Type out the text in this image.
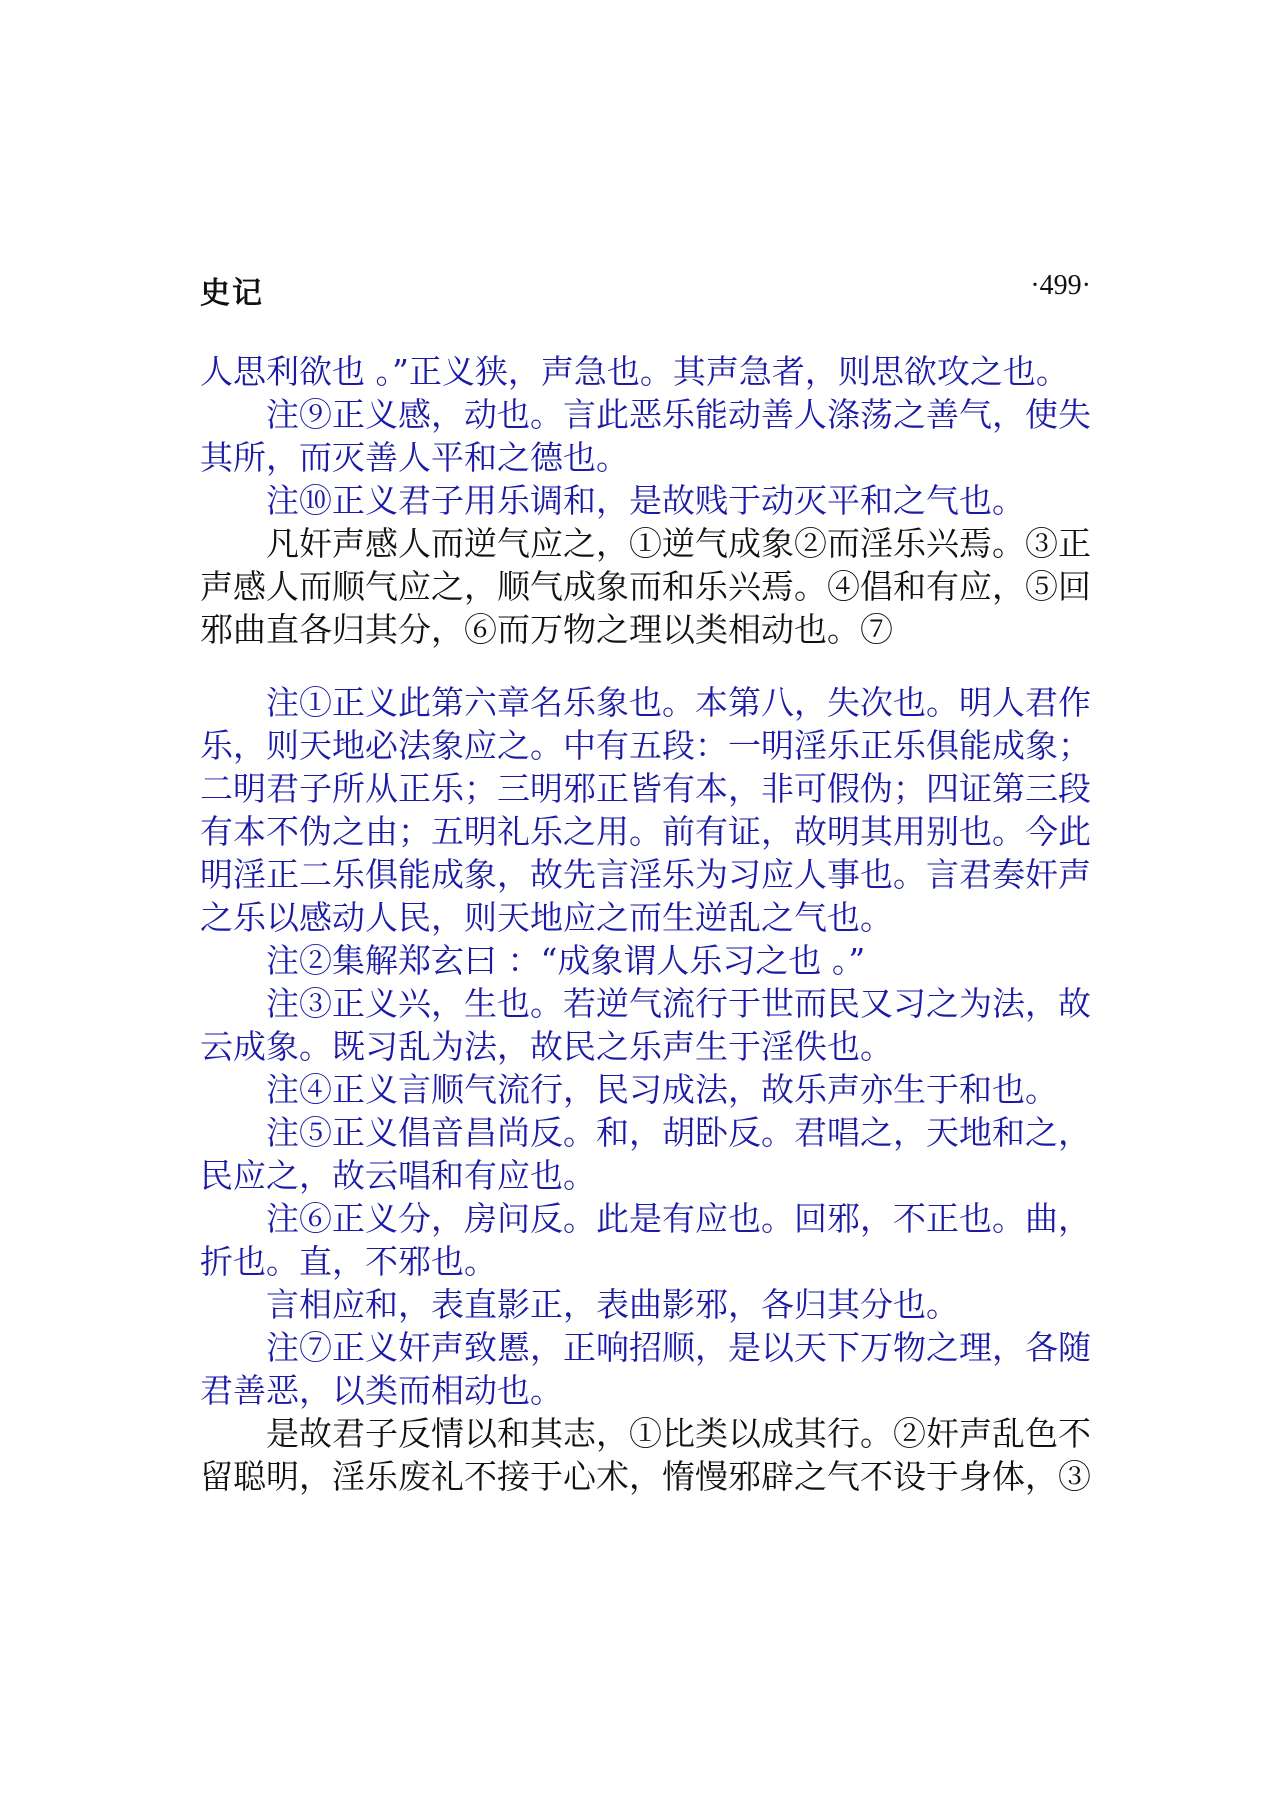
史记	·499·

人思利欲也 。”正义狭，声急也。其声急者，则思欲攻之也。

注⑨正义感，动也。言此恶乐能动善人涤荡之善气，使失其所，而灭善人平和之德也。

注⑩正义君子用乐调和，是故贱于动灭平和之气也。

凡奸声感人而逆气应之，①逆气成象②而淫乐兴焉。③正声感人而顺气应之，顺气成象而和乐兴焉。④倡和有应，⑤回邪曲直各归其分，⑥而万物之理以类相动也。⑦

注①正义此第六章名乐象也。本第八，失次也。明人君作乐，则天地必法象应之。中有五段：一明淫乐正乐俱能成象；二明君子所从正乐；三明邪正皆有本，非可假伪；四证第三段有本不伪之由；五明礼乐之用。前有证，故明其用别也。今此明淫正二乐俱能成象，故先言淫乐为习应人事也。言君奏奸声之乐以感动人民，则天地应之而生逆乱之气也。

注②集解郑玄曰 ：“成象谓人乐习之也 。”

注③正义兴，生也。若逆气流行于世而民又习之为法，故云成象。既习乱为法，故民之乐声生于淫佚也。

注④正义言顺气流行，民习成法，故乐声亦生于和也。

注⑤正义倡音昌尚反。和，胡卧反。君唱之，天地和之，民应之，故云唱和有应也。

注⑥正义分，房问反。此是有应也。回邪，不正也。曲，折也。直，不邪也。

言相应和，表直影正，表曲影邪，各归其分也。

注⑦正义奸声致慝，正响招顺，是以天下万物之理，各随君善恶，以类而相动也。

是故君子反情以和其志，①比类以成其行。②奸声乱色不留聪明，淫乐废礼不接于心术，惰慢邪辟之气不设于身体，③
